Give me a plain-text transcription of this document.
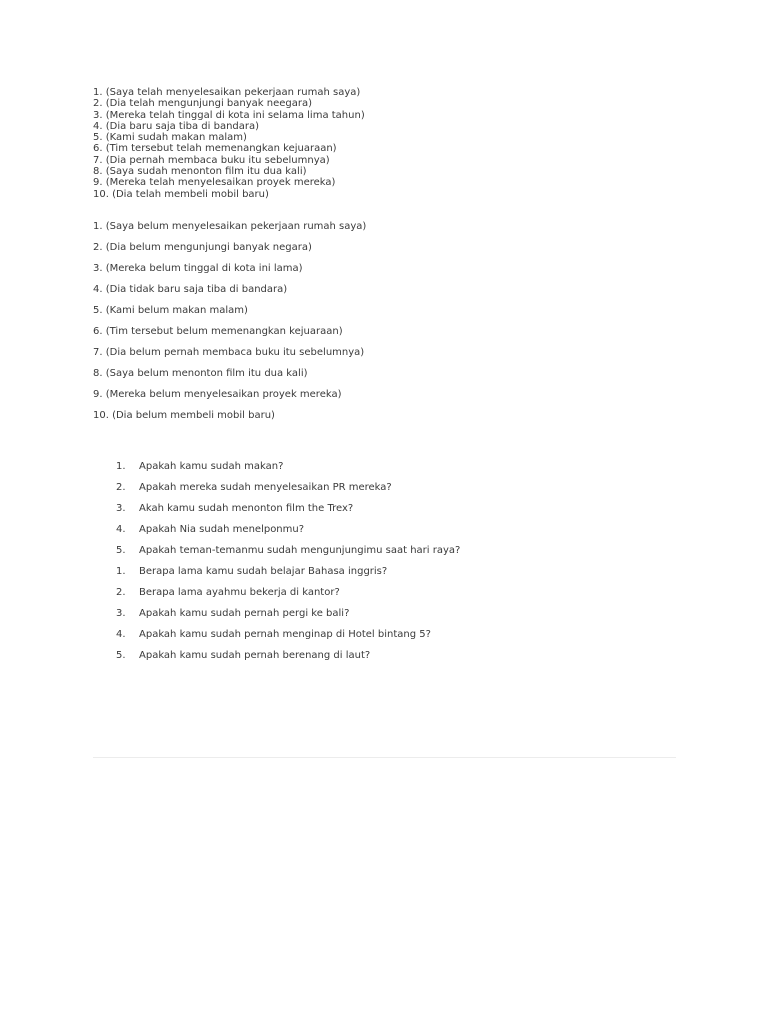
1. (Saya telah menyelesaikan pekerjaan rumah saya)
2. (Dia telah mengunjungi banyak neegara)
3. (Mereka telah tinggal di kota ini selama lima tahun)
4. (Dia baru saja tiba di bandara)
5. (Kami sudah makan malam)
6. (Tim tersebut telah memenangkan kejuaraan)
7. (Dia pernah membaca buku itu sebelumnya)
8. (Saya sudah menonton film itu dua kali)
9. (Mereka telah menyelesaikan proyek mereka)
10. (Dia telah membeli mobil baru)
1. (Saya belum menyelesaikan pekerjaan rumah saya)
2. (Dia belum mengunjungi banyak negara)
3. (Mereka belum tinggal di kota ini lama)
4. (Dia tidak baru saja tiba di bandara)
5. (Kami belum makan malam)
6. (Tim tersebut belum memenangkan kejuaraan)
7. (Dia belum pernah membaca buku itu sebelumnya)
8. (Saya belum menonton film itu dua kali)
9. (Mereka belum menyelesaikan proyek mereka)
10. (Dia belum membeli mobil baru)
1.	Apakah kamu sudah makan?
2.	Apakah mereka sudah menyelesaikan PR mereka?
3.	Akah kamu sudah menonton film the Trex?
4.	Apakah Nia sudah menelponmu?
5.	Apakah teman-temanmu sudah mengunjungimu saat hari raya?
1.	Berapa lama kamu sudah belajar Bahasa inggris?
2.	Berapa lama ayahmu bekerja di kantor?
3.	Apakah kamu sudah pernah pergi ke bali?
4.	Apakah kamu sudah pernah menginap di Hotel bintang 5?
5.	Apakah kamu sudah pernah berenang di laut?
